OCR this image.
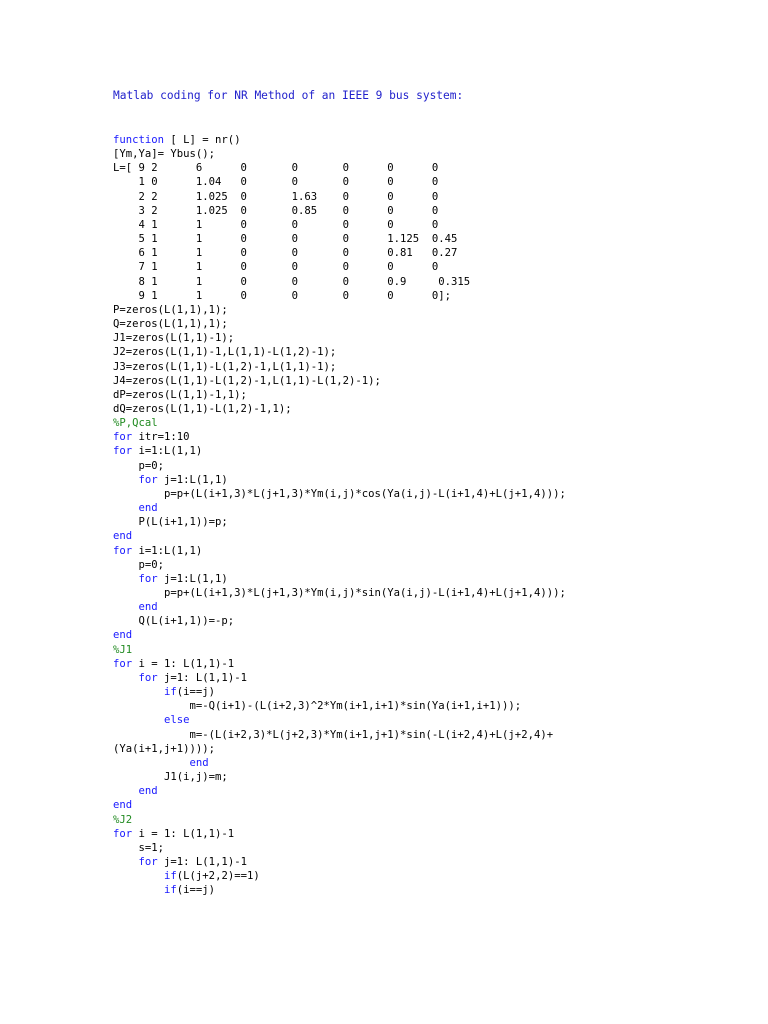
Matlab coding for NR Method of an IEEE 9 bus system:
function [ L] = nr()
[Ym,Ya]= Ybus();
L=[ 9 2      6      0       0       0      0      0
1 0      1.04   0       0       0      0      0
2 2      1.025  0       1.63    0      0      0
3 2      1.025  0       0.85    0      0      0
4 1      1      0       0       0      0      0
5 1      1      0       0       0      1.125  0.45
6 1      1      0       0       0      0.81   0.27
7 1      1      0       0       0      0      0
8 1      1      0       0       0      0.9     0.315
9 1      1      0       0       0      0      0];
P=zeros(L(1,1),1);
Q=zeros(L(1,1),1);
J1=zeros(L(1,1)-1);
J2=zeros(L(1,1)-1,L(1,1)-L(1,2)-1);
J3=zeros(L(1,1)-L(1,2)-1,L(1,1)-1);
J4=zeros(L(1,1)-L(1,2)-1,L(1,1)-L(1,2)-1);
dP=zeros(L(1,1)-1,1);
dQ=zeros(L(1,1)-L(1,2)-1,1);
%P,Qcal
for itr=1:10
for i=1:L(1,1)
p=0;
for j=1:L(1,1)
p=p+(L(i+1,3)*L(j+1,3)*Ym(i,j)*cos(Ya(i,j)-L(i+1,4)+L(j+1,4)));
end
P(L(i+1,1))=p;
end
for i=1:L(1,1)
p=0;
for j=1:L(1,1)
p=p+(L(i+1,3)*L(j+1,3)*Ym(i,j)*sin(Ya(i,j)-L(i+1,4)+L(j+1,4)));
end
Q(L(i+1,1))=-p;
end
%J1
for i = 1: L(1,1)-1
for j=1: L(1,1)-1
if(i==j)
m=-Q(i+1)-(L(i+2,3)^2*Ym(i+1,i+1)*sin(Ya(i+1,i+1)));
else
m=-(L(i+2,3)*L(j+2,3)*Ym(i+1,j+1)*sin(-L(i+2,4)+L(j+2,4)+
(Ya(i+1,j+1))));
end
J1(i,j)=m;
end
end
%J2
for i = 1: L(1,1)-1
s=1;
for j=1: L(1,1)-1
if(L(j+2,2)==1)
if(i==j)
